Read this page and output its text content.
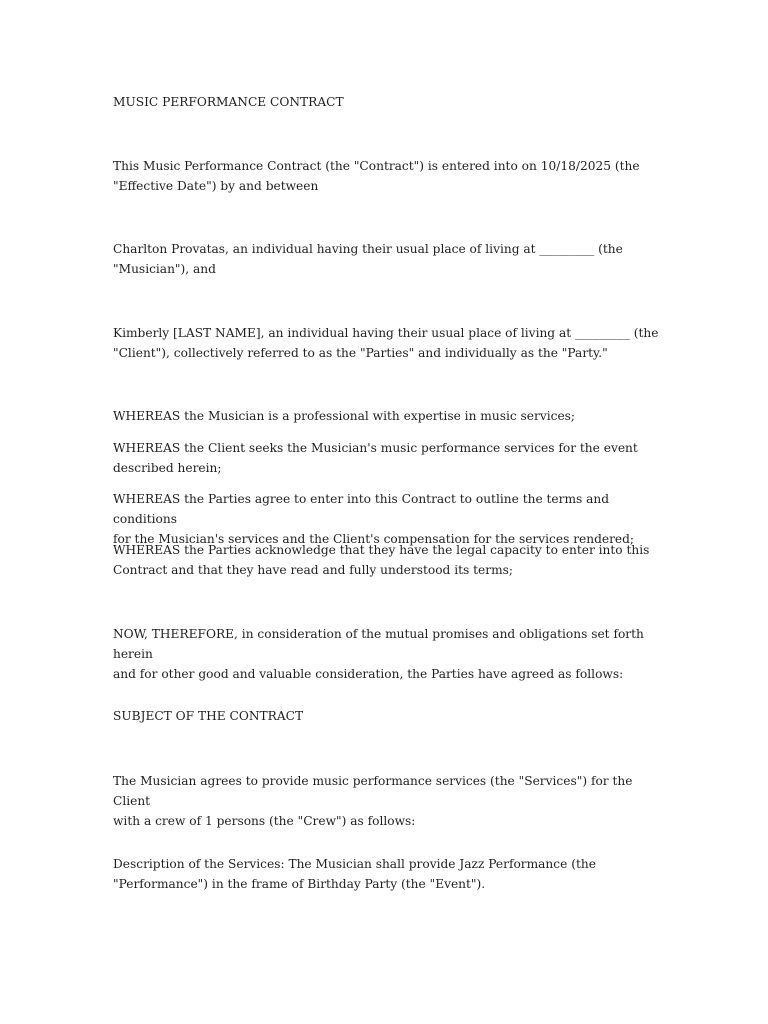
MUSIC PERFORMANCE CONTRACT

This Music Performance Contract (the "Contract") is entered into on 10/18/2025 (the
"Effective Date") by and between

Charlton Provatas, an individual having their usual place of living at _________ (the
"Musician"), and

Kimberly [LAST NAME], an individual having their usual place of living at _________ (the
"Client"), collectively referred to as the "Parties" and individually as the "Party."

WHEREAS the Musician is a professional with expertise in music services;

WHEREAS the Client seeks the Musician's music performance services for the event
described herein;

WHEREAS the Parties agree to enter into this Contract to outline the terms and conditions
for the Musician's services and the Client's compensation for the services rendered;

WHEREAS the Parties acknowledge that they have the legal capacity to enter into this
Contract and that they have read and fully understood its terms;

NOW, THEREFORE, in consideration of the mutual promises and obligations set forth herein
and for other good and valuable consideration, the Parties have agreed as follows:

SUBJECT OF THE CONTRACT

The Musician agrees to provide music performance services (the "Services") for the Client
with a crew of 1 persons (the "Crew") as follows:

Description of the Services: The Musician shall provide Jazz Performance (the
"Performance") in the frame of Birthday Party (the "Event").
